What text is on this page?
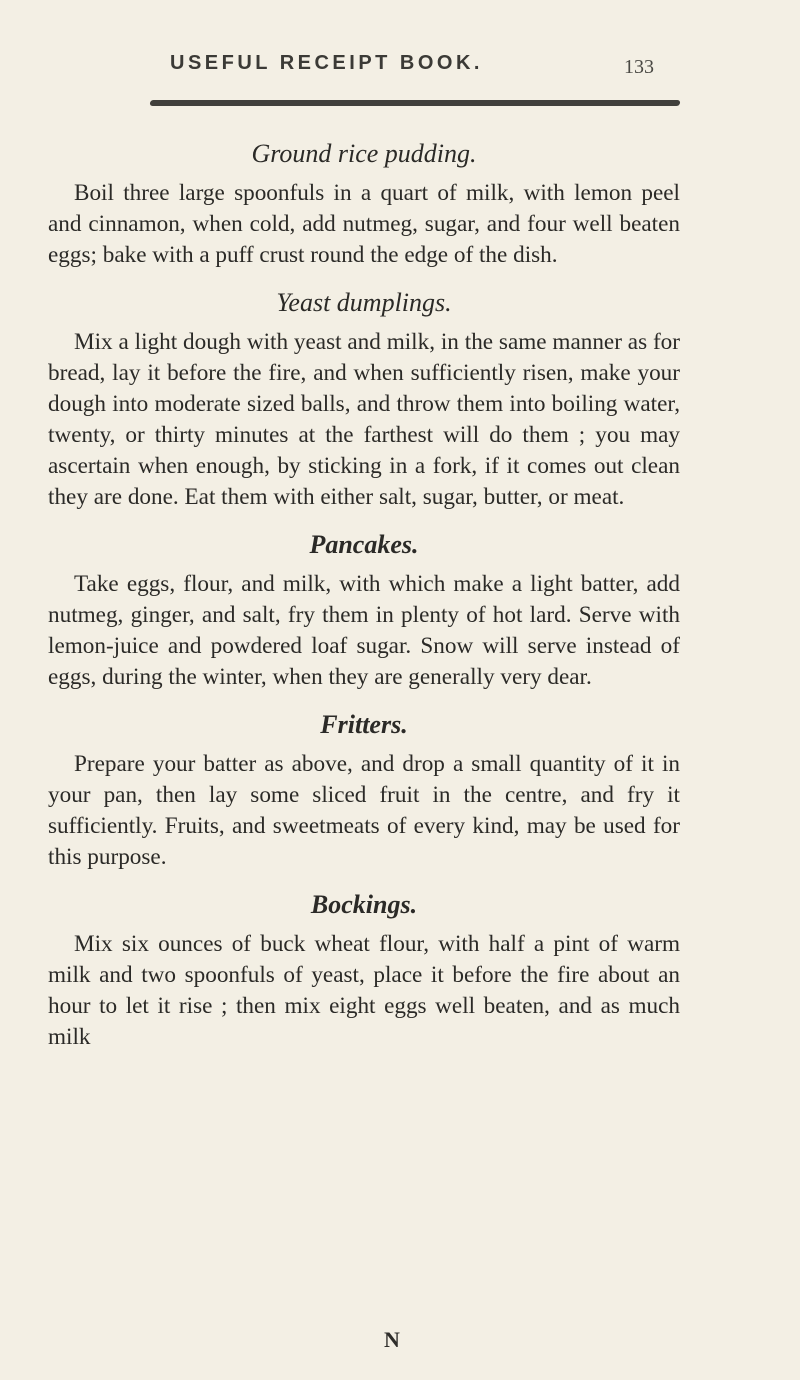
USEFUL RECEIPT BOOK.	133

Ground rice pudding.

Boil three large spoonfuls in a quart of milk, with lemon peel and cinnamon, when cold, add nutmeg, sugar, and four well beaten eggs; bake with a puff crust round the edge of the dish.

Yeast dumplings.

Mix a light dough with yeast and milk, in the same manner as for bread, lay it before the fire, and when sufficiently risen, make your dough into moderate sized balls, and throw them into boiling water, twenty, or thirty minutes at the farthest will do them ; you may ascertain when enough, by sticking in a fork, if it comes out clean they are done. Eat them with either salt, sugar, butter, or meat.

Pancakes.

Take eggs, flour, and milk, with which make a light batter, add nutmeg, ginger, and salt, fry them in plenty of hot lard. Serve with lemon-juice and powdered loaf sugar. Snow will serve instead of eggs, during the winter, when they are generally very dear.

Fritters.

Prepare your batter as above, and drop a small quantity of it in your pan, then lay some sliced fruit in the centre, and fry it sufficiently. Fruits, and sweetmeats of every kind, may be used for this purpose.

Bockings.

Mix six ounces of buck wheat flour, with half a pint of warm milk and two spoonfuls of yeast, place it before the fire about an hour to let it rise ; then mix eight eggs well beaten, and as much milk

N
